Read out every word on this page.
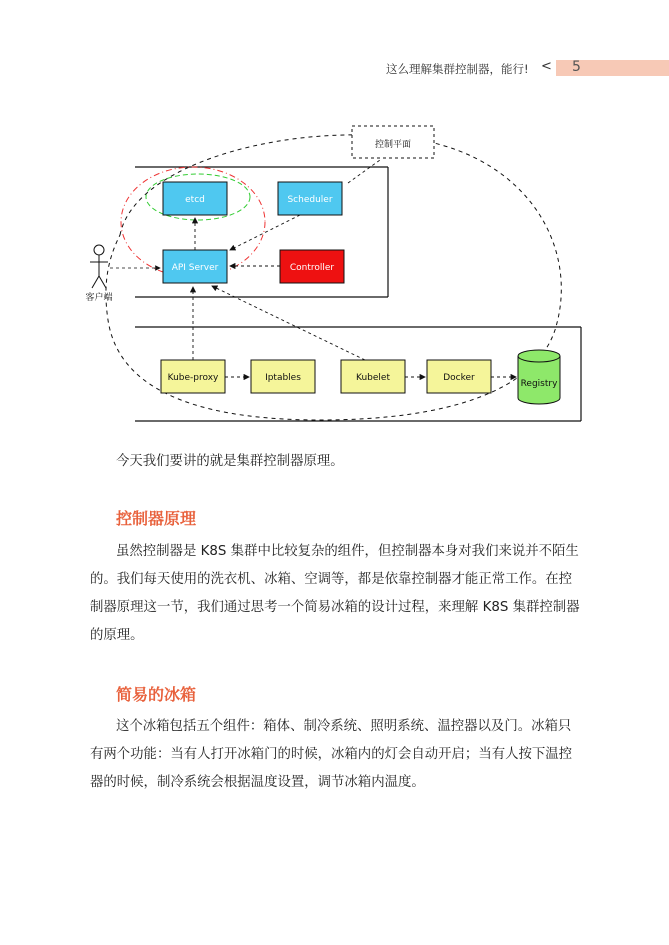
这么理解集群控制器，能行! < 5
控制平面
客户端
etcd	Scheduler
API Server	Controller
Kube-proxy	Iptables	Kubelet	Docker
Registry

今天我们要讲的就是集群控制器原理。

控制器原理

虽然控制器是 K8S 集群中比较复杂的组件，但控制器本身对我们来说并不陌生的。我们每天使用的洗衣机、冰箱、空调等，都是依靠控制器才能正常工作。在控制器原理这一节，我们通过思考一个简易冰箱的设计过程，来理解 K8S 集群控制器的原理。

简易的冰箱

这个冰箱包括五个组件：箱体、制冷系统、照明系统、温控器以及门。冰箱只有两个功能：当有人打开冰箱门的时候，冰箱内的灯会自动开启；当有人按下温控器的时候，制冷系统会根据温度设置，调节冰箱内温度。
